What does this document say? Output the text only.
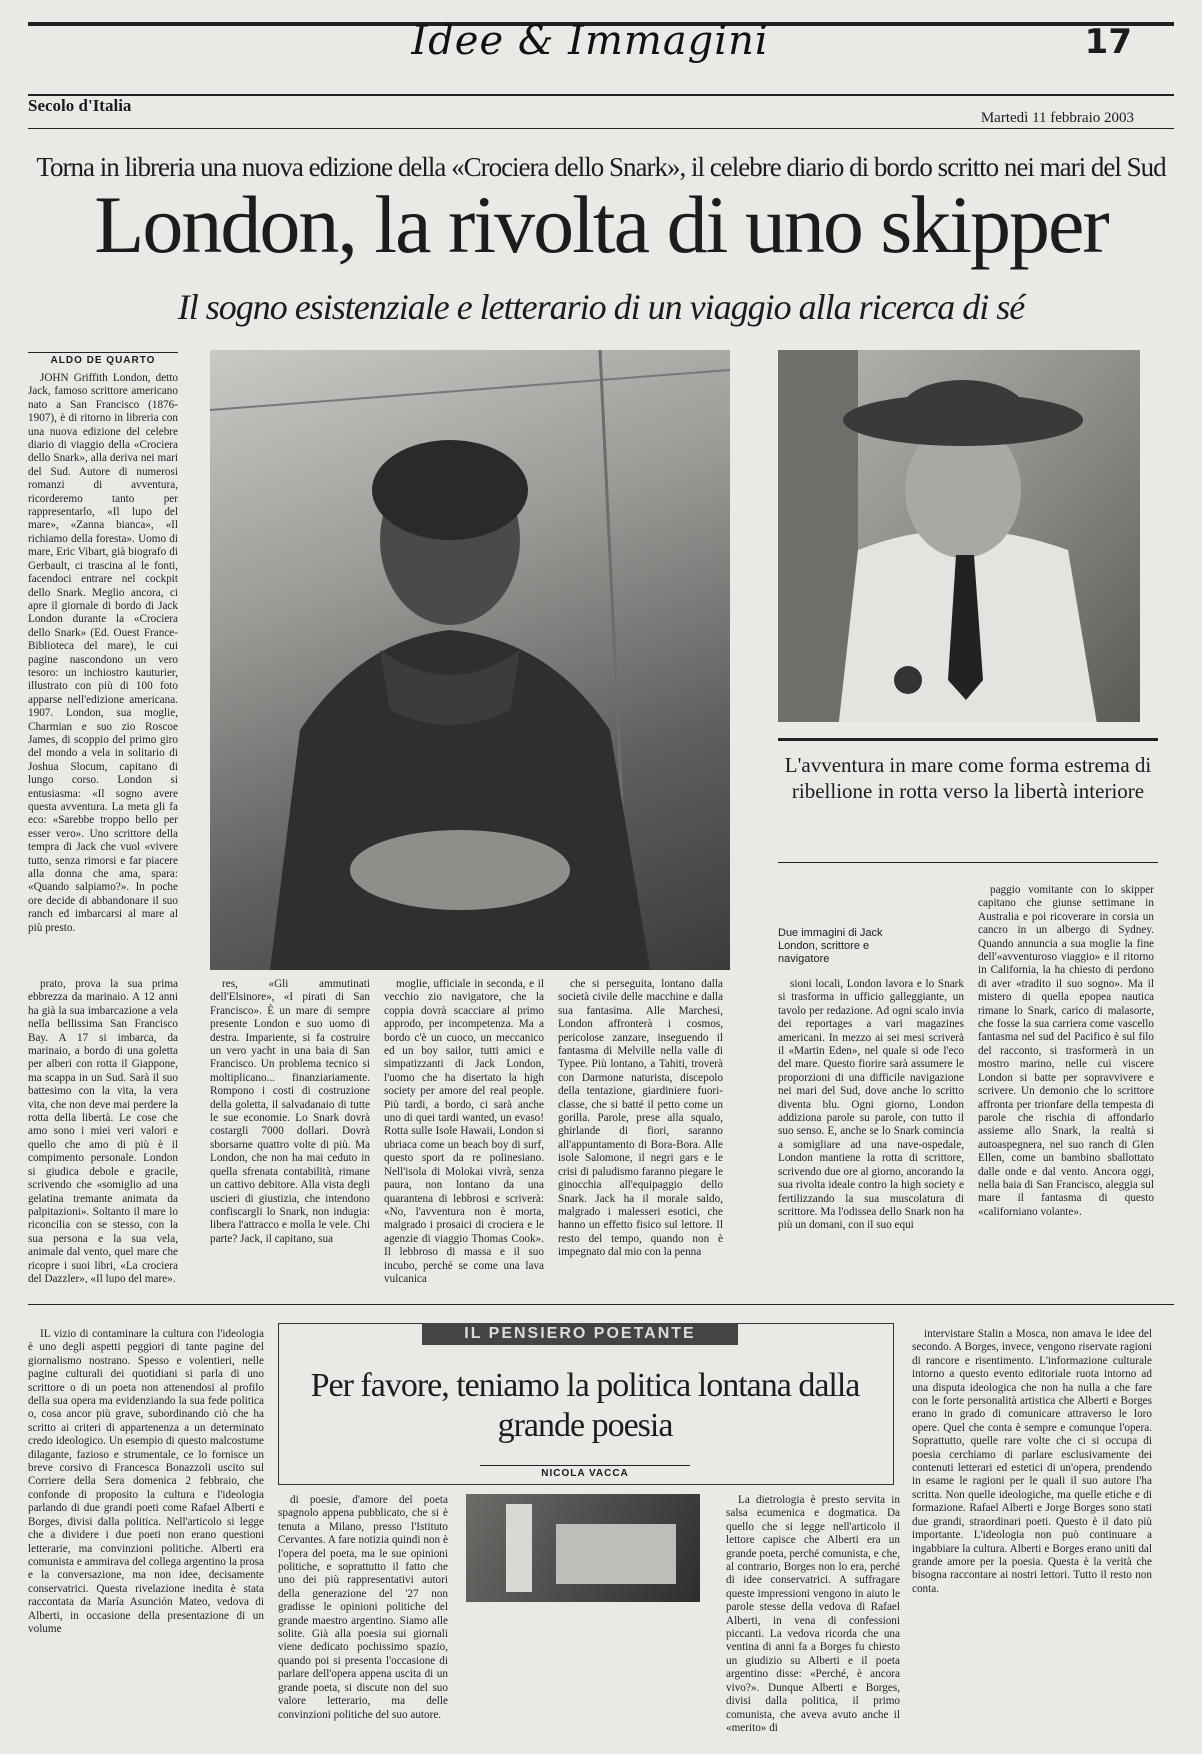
Idee & Immagini	17
Secolo d'Italia
Martedì 11 febbraio 2003
Torna in libreria una nuova edizione della «Crociera dello Snark», il celebre diario di bordo scritto nei mari del Sud
London, la rivolta di uno skipper
Il sogno esistenziale e letterario di un viaggio alla ricerca di sé
ALDO DE QUARTO

JOHN Griffith London, detto Jack, famoso scrittore americano nato a San Francisco (1876-1907), è di ritorno in libreria con una nuova edizione del celebre diario di viaggio della «Crociera dello Snark», alla deriva nei mari del Sud. Autore di numerosi romanzi di avventura, ricorderemo tanto per rappresentarlo, «Il lupo del mare», «Zanna bianca», «Il richiamo della foresta». Uomo di mare, Eric Vibart, già biografo di Gerbault, ci trascina al le fonti, facendoci entrare nel cockpit dello Snark. Meglio ancora, ci apre il giornale di bordo di Jack London durante la «Crociera dello Snark» (Ed. Ouest France-Biblioteca del mare), le cui pagine nascondono un vero tesoro: un inchiostro kauturier, illustrato con più di 100 foto apparse nell'edizione americana. 1907. London, sua moglie, Charmian e suo zio Roscoe James, di scoppio del primo giro del mondo a vela in solitario di Joshua Slocum, capitano di lungo corso. London si entusiasma: «Il sogno avere questa avventura. La meta gli fa eco: «Sarebbe troppo bello per esser vero». Uno scrittore della tempra di Jack che vuol «vivere tutto, senza rimorsi e far piacere alla donna che ama, spara: «Quando salpiamo?». In poche ore decide di abbandonare il suo ranch ed imbarcarsi al mare al più presto.

L'avventura in mare come forma estrema di ribellione in rotta verso la libertà interiore
Due immagini di Jack London, scrittore e navigatore

paggio vomitante con lo skipper capitano che giunse settimane in Australia e poi ricoverare in corsia un cancro in un albergo di Sydney. Quando annuncia a sua moglie la fine dell'«avventuroso viaggio» e il ritorno in California, la ha chiesto di perdono di aver «tradito il suo sogno». Ma il mistero di quella epopea nautica rimane lo Snark, carico di malasorte, che fosse la sua carriera come vascello fantasma nel sud del Pacifico è sul filo del racconto, si trasformerà in un mostro marino, nelle cui viscere London si batte per sopravvivere e scrivere. Un demonio che lo scrittore affronta per trionfare della tempesta di parole che rischia di affondarlo assieme allo Snark, la realtà si autoaspegnera, nel suo ranch di Glen Ellen, come un bambino sballottato dalle onde e dal vento. Ancora oggi, nella baia di San Francisco, aleggia sul mare il fantasma di questo «californiano volante».

prato, prova la sua prima ebbrezza da marinaio. A 12 anni ha già la sua imbarcazione a vela nella bellissima San Francisco Bay. A 17 si imbarca, da marinaio, a bordo di una goletta per alberi con rotta il Giappone, ma scappa in un Sud. Sarà il suo battesimo con la vita, la vera vita, che non deve mai perdere la rotta della libertà. Le cose che amo sono i miei veri valori e quello che amo di più è il compimento personale. London si giudica debole e gracile, scrivendo che «somiglio ad una gelatina tremante animata da palpitazioni». Soltanto il mare lo riconcilia con se stesso, con la sua persona e la sua vela, animale dal vento, quel mare che ricopre i suoi libri, «La crociera del Dazzler», «Il lupo del mare».

res, «Gli ammutinati dell'Elsinore», «I pirati di San Francisco». È un mare di sempre presente London e suo uomo di destra. Impariente, si fa costruire un vero yacht in una baia di San Francisco. Un problema tecnico si moltiplicano... finanziariamente. Rompono i costi di costruzione della goletta, il salvadanaio di tutte le sue economie. Lo Snark dovrà costargli 7000 dollari. Dovrà sborsarne quattro volte di più. Ma London, che non ha mai ceduto in quella sfrenata contabilità, rimane un cattivo debitore. Alla vista degli uscieri di giustizia, che intendono confiscargli lo Snark, non indugia: libera l'attracco e molla le vele. Chi parte? Jack, il capitano, sua

moglie, ufficiale in seconda, e il vecchio zio navigatore, che la coppia dovrà scacciare al primo approdo, per incompetenza. Ma a bordo c'è un cuoco, un meccanico ed un boy sailor, tutti amici e simpatizzanti di Jack London, l'uomo che ha disertato la high society per amore del real people. Più tardi, a bordo, ci sarà anche uno di quei tardi wanted, un evaso! Rotta sulle Isole Hawaii, London si ubriaca come un beach boy di surf, questo sport da re polinesiano. Nell'isola di Molokai vivrà, senza paura, non lontano da una quarantena di lebbrosi e scriverà: «No, l'avventura non è morta, malgrado i prosaici di crociera e le agenzie di viaggio Thomas Cook». Il lebbroso di massa e il suo incubo, perché se come una lava vulcanica

che si perseguita, lontano dalla società civile delle macchine e dalla sua fantasima. Alle Marchesi, London affronterà i cosmos, pericolose zanzare, inseguendo il fantasma di Melville nella valle di Typee. Più lontano, a Tahiti, troverà con Darmone naturista, discepolo della tentazione, giardiniere fuori-classe, che si batté il petto come un gorilla. Parole, prese alla squalo, ghirlande di fiori, saranno all'appuntamento di Bora-Bora. Alle isole Salomone, il negri gars e le crisi di paludismo faranno piegare le ginocchia all'equipaggio dello Snark. Jack ha il morale saldo, malgrado i malesseri esotici, che hanno un effetto fisico sul lettore. Il resto del tempo, quando non è impegnato dal mio con la penna

sioni locali, London lavora e lo Snark si trasforma in ufficio galleggiante, un tavolo per redazione. Ad ogni scalo invia dei reportages a vari magazines americani. In mezzo ai sei mesi scriverà il «Martin Eden», nel quale si ode l'eco del mare. Questo fiorire sarà assumere le proporzioni di una difficile navigazione nei mari del Sud, dove anche lo scritto diventa blu. Ogni giorno, London addiziona parole su parole, con tutto il suo senso. E, anche se lo Snark comincia a somigliare ad una nave-ospedale, London mantiene la rotta di scrittore, scrivendo due ore al giorno, ancorando la sua rivolta ideale contro la high society e fertilizzando la sua muscolatura di scrittore. Ma l'odissea dello Snark non ha più un domani, con il suo equi

IL PENSIERO POETANTE
Per favore, teniamo la politica lontana dalla grande poesia
NICOLA VACCA

IL vizio di contaminare la cultura con l'ideologia è uno degli aspetti peggiori di tante pagine del giornalismo nostrano. Spesso e volentieri, nelle pagine culturali dei quotidiani si parla di uno scrittore o di un poeta non attenendosi al profilo della sua opera ma evidenziando la sua fede politica o, cosa ancor più grave, subordinando ciò che ha scritto ai criteri di appartenenza a un determinato credo ideologico. Un esempio di questo malcostume dilagante, fazioso e strumentale, ce lo fornisce un breve corsivo di Francesca Bonazzoli uscito sul Corriere della Sera domenica 2 febbraio, che confonde di proposito la cultura e l'ideologia parlando di due grandi poeti come Rafael Alberti e Borges, divisi dalla politica. Nell'articolo si legge che a dividere i due poeti non erano questioni letterarie, ma convinzioni politiche. Alberti era comunista e ammirava del collega argentino la prosa e la conversazione, ma non idee, decisamente conservatrici. Questa rivelazione inedita è stata raccontata da María Asunción Mateo, vedova di Alberti, in occasione della presentazione di un volume

di poesie, d'amore del poeta spagnolo appena pubblicato, che si è tenuta a Milano, presso l'Istituto Cervantes. A fare notizia quindi non è l'opera del poeta, ma le sue opinioni politiche, e soprattutto il fatto che uno dei più rappresentativi autori della generazione del '27 non gradisse le opinioni politiche del grande maestro argentino. Siamo alle solite. Già alla poesia sui giornali viene dedicato pochissimo spazio, quando poi si presenta l'occasione di parlare dell'opera appena uscita di un grande poeta, si discute non del suo valore letterario, ma delle convinzioni politiche del suo autore.

La dietrologia è presto servita in salsa ecumenica e dogmatica. Da quello che si legge nell'articolo il lettore capisce che Alberti era un grande poeta, perché comunista, e che, al contrario, Borges non lo era, perché di idee conservatrici. A suffragare queste impressioni vengono in aiuto le parole stesse della vedova di Rafael Alberti, in vena di confessioni piccanti. La vedova ricorda che una ventina di anni fa a Borges fu chiesto un giudizio su Alberti e il poeta argentino disse: «Perché, è ancora vivo?». Dunque Alberti e Borges, divisi dalla politica, il primo comunista, che aveva avuto anche il «merito» di

intervistare Stalin a Mosca, non amava le idee del secondo. A Borges, invece, vengono riservate ragioni di rancore e risentimento. L'informazione culturale intorno a questo evento editoriale ruota intorno ad una disputa ideologica che non ha nulla a che fare con le forte personalità artistica che Alberti e Borges erano in grado di comunicare attraverso le loro opere. Quel che conta è sempre e comunque l'opera. Soprattutto, quelle rare volte che ci si occupa di poesia cerchiamo di parlare esclusivamente dei contenuti letterari ed estetici di un'opera, prendendo in esame le ragioni per le quali il suo autore l'ha scritta. Non quelle ideologiche, ma quelle etiche e di formazione. Rafael Alberti e Jorge Borges sono stati due grandi, straordinari poeti. Questo è il dato più importante. L'ideologia non può continuare a ingabbiare la cultura. Alberti e Borges erano uniti dal grande amore per la poesia. Questa è la verità che bisogna raccontare ai nostri lettori. Tutto il resto non conta.
